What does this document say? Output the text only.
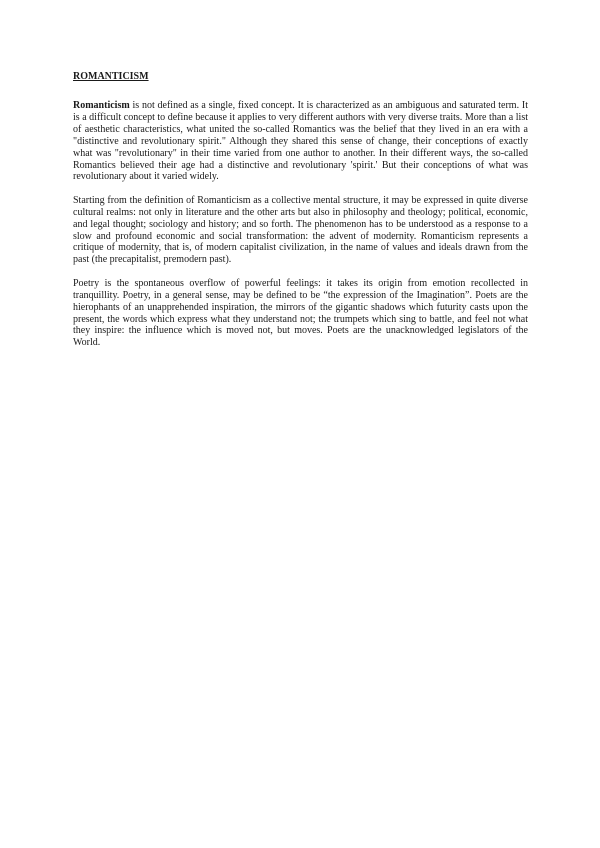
ROMANTICISM

Romanticism is not defined as a single, fixed concept. It is characterized as an ambiguous and saturated term. It is a difficult concept to define because it applies to very different authors with very diverse traits. More than a list of aesthetic characteristics, what united the so-called Romantics was the belief that they lived in an era with a "distinctive and revolutionary spirit." Although they shared this sense of change, their conceptions of exactly what was "revolutionary" in their time varied from one author to another. In their different ways, the so-called Romantics believed their age had a distinctive and revolutionary 'spirit.' But their conceptions of what was revolutionary about it varied widely.

Starting from the definition of Romanticism as a collective mental structure, it may be expressed in quite diverse cultural realms: not only in literature and the other arts but also in philosophy and theology; political, economic, and legal thought; sociology and history; and so forth. The phenomenon has to be understood as a response to a slow and profound economic and social transformation: the advent of modernity. Romanticism represents a critique of modernity, that is, of modern capitalist civilization, in the name of values and ideals drawn from the past (the precapitalist, premodern past).

Poetry is the spontaneous overflow of powerful feelings: it takes its origin from emotion recollected in tranquillity. Poetry, in a general sense, may be defined to be “the expression of the Imagination”. Poets are the hierophants of an unapprehended inspiration, the mirrors of the gigantic shadows which futurity casts upon the present, the words which express what they understand not; the trumpets which sing to battle, and feel not what they inspire: the influence which is moved not, but moves. Poets are the unacknowledged legislators of the World.
